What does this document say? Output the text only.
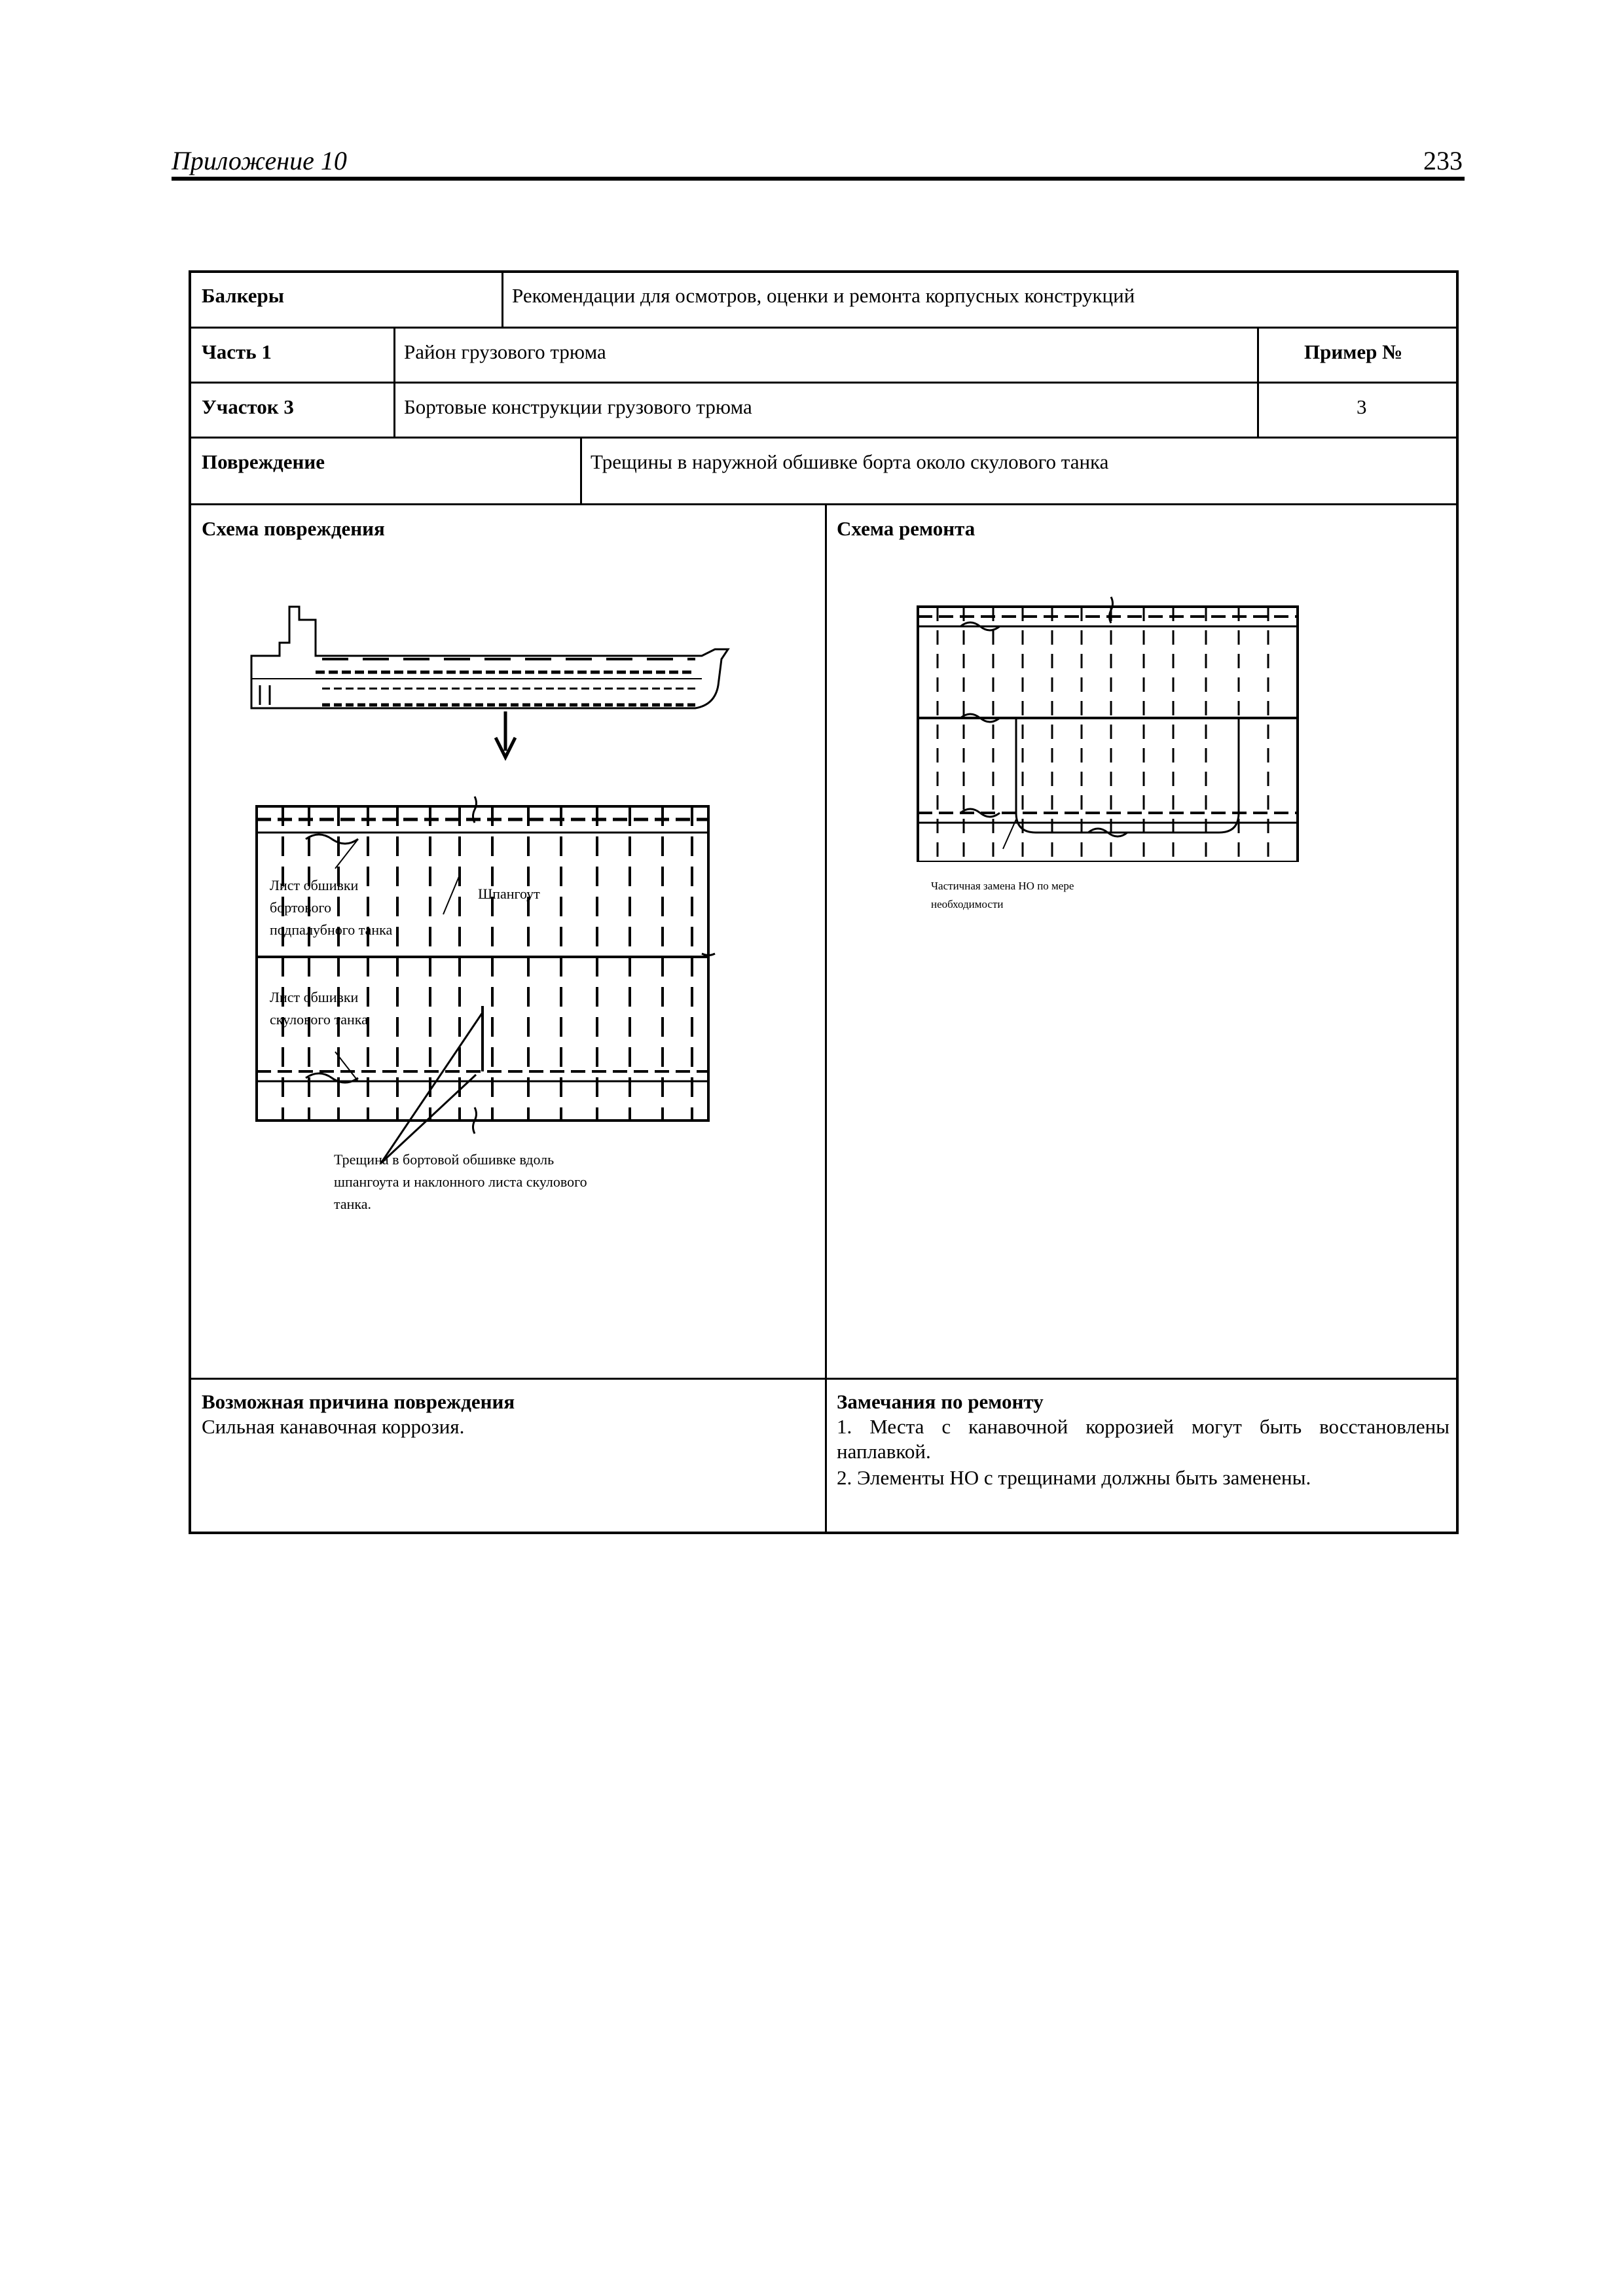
Приложение 10	233
Балкеры	Рекомендации для осмотров, оценки и ремонта корпусных конструкций
Часть 1	Район грузового трюма	Пример №
Участок 3	Бортовые конструкции грузового трюма	3
Повреждение	Трещины в наружной обшивке борта около скулового танка
Схема повреждения	Схема ремонта
Лист обшивки
бортового
подпалубного танка
Шпангоут
Лист обшивки
скулового танка
Трещина в бортовой обшивке вдоль
шпангоута и наклонного листа скулового
танка.
Частичная замена НО по мере
необходимости
Возможная причина повреждения
Сильная канавочная коррозия.
Замечания по ремонту
1. Места с канавочной коррозией могут быть восстановлены
наплавкой.
2. Элементы НО с трещинами должны быть заменены.
